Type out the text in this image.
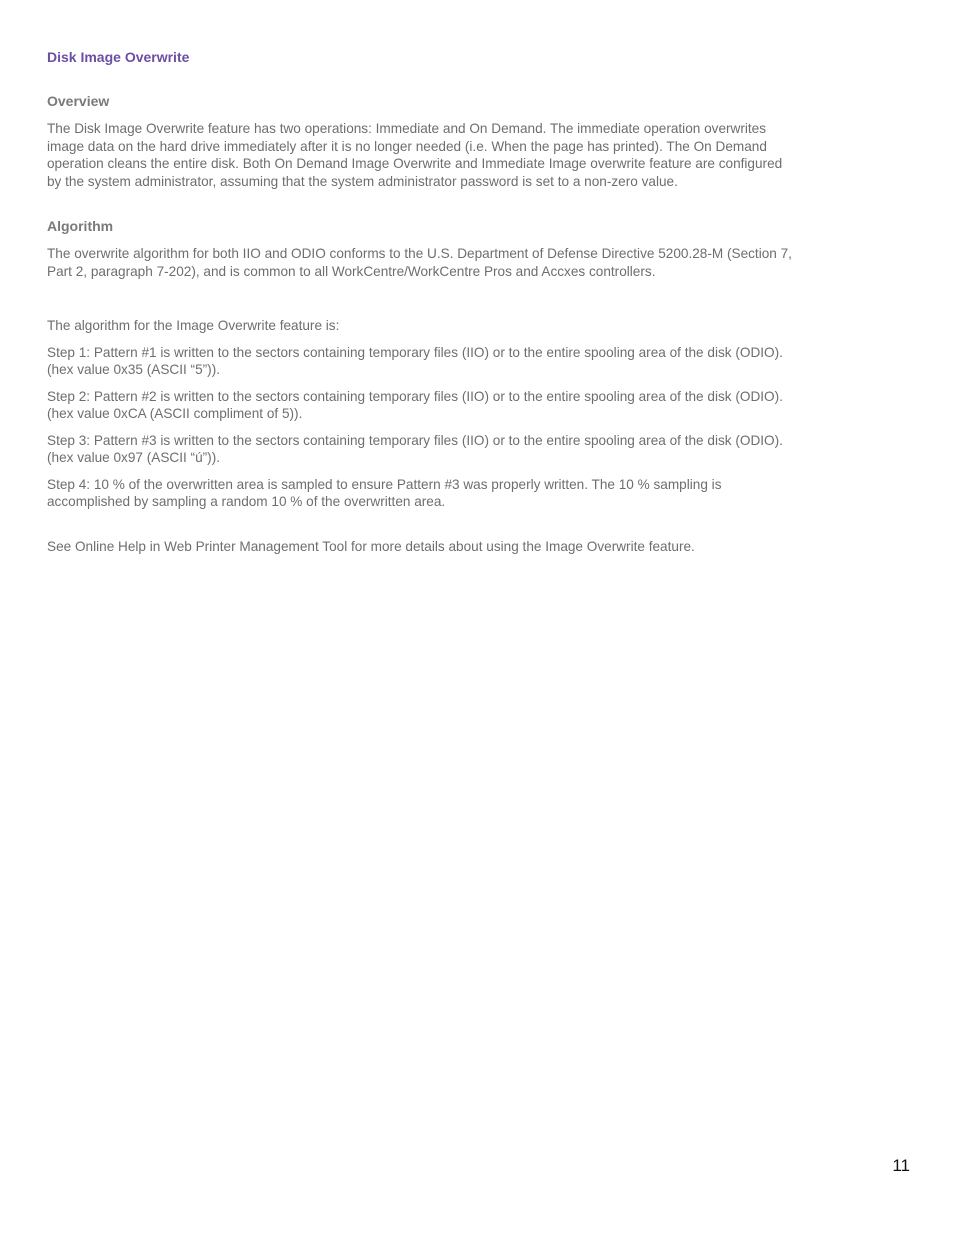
Disk Image Overwrite
Overview

The Disk Image Overwrite feature has two operations: Immediate and On Demand. The immediate operation overwrites image data on the hard drive immediately after it is no longer needed (i.e. When the page has printed). The On Demand operation cleans the entire disk. Both On Demand Image Overwrite and Immediate Image overwrite feature are configured by the system administrator, assuming that the system administrator password is set to a non-zero value.

Algorithm

The overwrite algorithm for both IIO and ODIO conforms to the U.S. Department of Defense Directive 5200.28-M (Section 7, Part 2, paragraph 7-202), and is common to all WorkCentre/WorkCentre Pros and Accxes controllers.

The algorithm for the Image Overwrite feature is:

Step 1: Pattern #1 is written to the sectors containing temporary files (IIO) or to the entire spooling area of the disk (ODIO). (hex value 0x35 (ASCII “5”)).

Step 2: Pattern #2 is written to the sectors containing temporary files (IIO) or to the entire spooling area of the disk (ODIO). (hex value 0xCA (ASCII compliment of 5)).

Step 3: Pattern #3 is written to the sectors containing temporary files (IIO) or to the entire spooling area of the disk (ODIO). (hex value 0x97 (ASCII “ú”)).

Step 4: 10 % of the overwritten area is sampled to ensure Pattern #3 was properly written. The 10 % sampling is accomplished by sampling a random 10 % of the overwritten area.

See Online Help in Web Printer Management Tool for more details about using the Image Overwrite feature.

11
